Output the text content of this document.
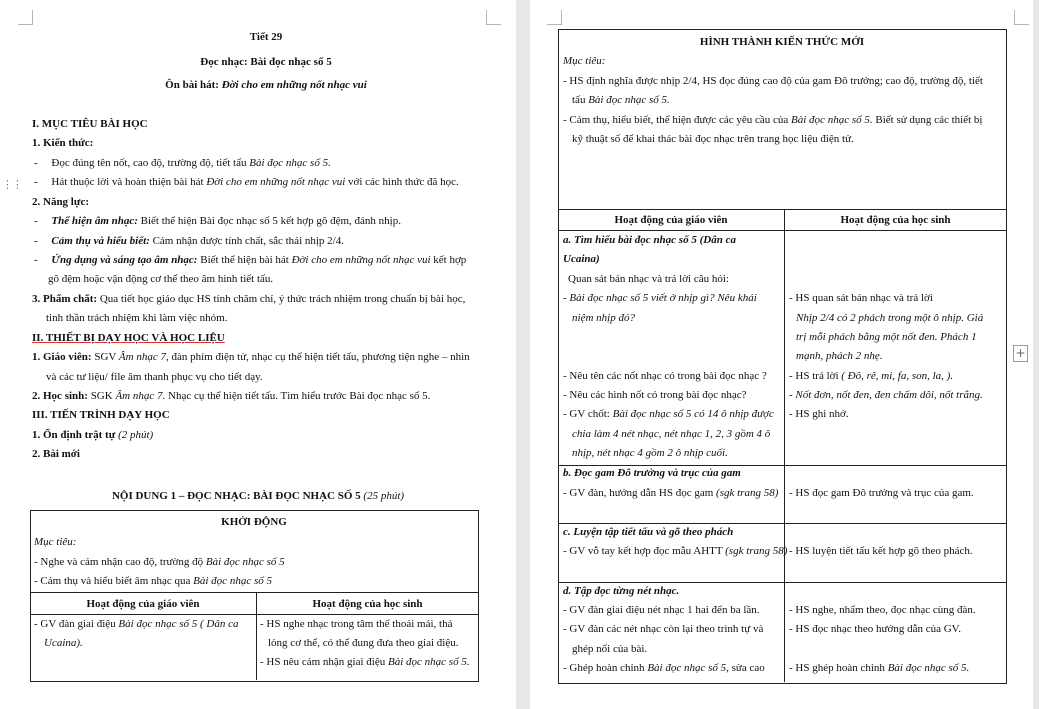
Tiết 29
Đọc nhạc: Bài đọc nhạc số 5
Ôn bài hát: Đời cho em những nốt nhạc vui
I. MỤC TIÊU BÀI HỌC
1. Kiến thức:
-     Đọc đúng tên nốt, cao độ, trường độ, tiết tấu Bài đọc nhạc số 5.
-     Hát thuộc lời và hoàn thiện bài hát Đời cho em những nốt nhạc vui với các hình thức đã học.
2. Năng lực:
-     Thể hiện âm nhạc: Biết thể hiện Bài đọc nhạc số 5 kết hợp gõ đệm, đánh nhịp.
-     Cảm thụ và hiểu biết: Cảm nhận được tính chất, sắc thái nhịp 2/4.
-     Ứng dụng và sáng tạo âm nhạc: Biết thể hiện bài hát Đời cho em những nốt nhạc vui kết hợp
gõ đệm hoặc vận động cơ thể theo âm hình tiết tấu.
3. Phẩm chất: Qua tiết học giáo dục HS tính chăm chỉ, ý thức trách nhiệm trong chuẩn bị bài học,
tinh thần trách nhiệm khi làm việc nhóm.
II. THIẾT BỊ DẠY HỌC VÀ HỌC LIỆU
1. Giáo viên: SGV Âm nhạc 7, đàn phím điện tử, nhạc cụ thể hiện tiết tấu, phương tiện nghe – nhìn
và các tư liệu/ file âm thanh phục vụ cho tiết dạy.
2. Học sinh: SGK Âm nhạc 7. Nhạc cụ thể hiện tiết tấu. Tìm hiểu trước Bài đọc nhạc số 5.
III. TIẾN TRÌNH DẠY HỌC
1. Ổn định trật tự (2 phút)
2. Bài mới
NỘI DUNG 1 – ĐỌC NHẠC: BÀI ĐỌC NHẠC SỐ 5 (25 phút)
KHỞI ĐỘNG
Mục tiêu:
- Nghe và cảm nhận cao độ, trường độ Bài đọc nhạc số 5
- Cảm thụ và hiểu biết âm nhạc qua Bài đọc nhạc số 5
Hoạt động của giáo viên	Hoạt động của học sinh
- GV đàn giai điệu Bài đọc nhạc số 5 ( Dân ca
Ucaina).
- HS nghe nhạc trong tâm thế thoải mái, thả
lỏng cơ thể, có thể đung đưa theo giai điệu.
- HS nêu cảm nhận giai điệu Bài đọc nhạc số 5.
⋮⋮
HÌNH THÀNH KIẾN THỨC MỚI
Mục tiêu:
- HS định nghĩa được nhịp 2/4, HS đọc đúng cao độ của gam Đô trưởng; cao độ, trường độ, tiết
tấu Bài đọc nhạc số 5.
- Cảm thụ, hiểu biết, thể hiện được các yêu cầu của Bài đọc nhạc số 5. Biết sử dụng các thiết bị
kỹ thuật số để khai thác bài đọc nhạc trên trang học liệu điện tử.
Hoạt động của giáo viên	Hoạt động của học sinh
a. Tìm hiểu bài đọc nhạc số 5 (Dân ca
Ucaina)
Quan sát bản nhạc và trả lời câu hỏi:
- Bài đọc nhạc số 5 viết ở nhịp gì? Nêu khái
niệm nhịp đó?
- Nêu tên các nốt nhạc có trong bài đọc nhạc ?
- Nêu các hình nốt có trong bài đọc nhạc?
- GV chốt: Bài đọc nhạc số 5 có 14 ô nhịp được
chia làm 4 nét nhạc, nét nhạc 1, 2, 3 gồm 4 ô
nhịp, nét nhạc 4 gồm 2 ô nhịp cuối.
- HS quan sát bản nhạc và trả lời
Nhịp 2/4 có 2 phách trong một ô nhịp. Giá
trị mỗi phách bằng một nốt đen. Phách 1
mạnh, phách 2 nhẹ.
- HS trả lời ( Đô, rê, mi, fa, son, la, ).
- Nốt đơn, nốt đen, đen chấm dôi, nốt trắng.
- HS ghi nhớ.
b. Đọc gam Đô trưởng và trục của gam
- GV đàn, hướng dẫn HS đọc gam (sgk trang 58) - HS đọc gam Đô trưởng và trục của gam.
c. Luyện tập tiết tấu và gõ theo phách
- GV vỗ tay kết hợp đọc mẫu AHTT (sgk trang 58) - HS luyện tiết tấu kết hợp gõ theo phách.
d. Tập đọc từng nét nhạc.
- GV đàn giai điệu nét nhạc 1 hai đến ba lần.
- GV đàn các nét nhạc còn lại theo trình tự và
ghép nối của bài.
- Ghép hoàn chỉnh Bài đọc nhạc số 5, sửa cao
- HS nghe, nhẩm theo, đọc nhạc cùng đàn.
- HS đọc nhạc theo hướng dẫn của GV.
- HS ghép hoàn chỉnh Bài đọc nhạc số 5.
+
